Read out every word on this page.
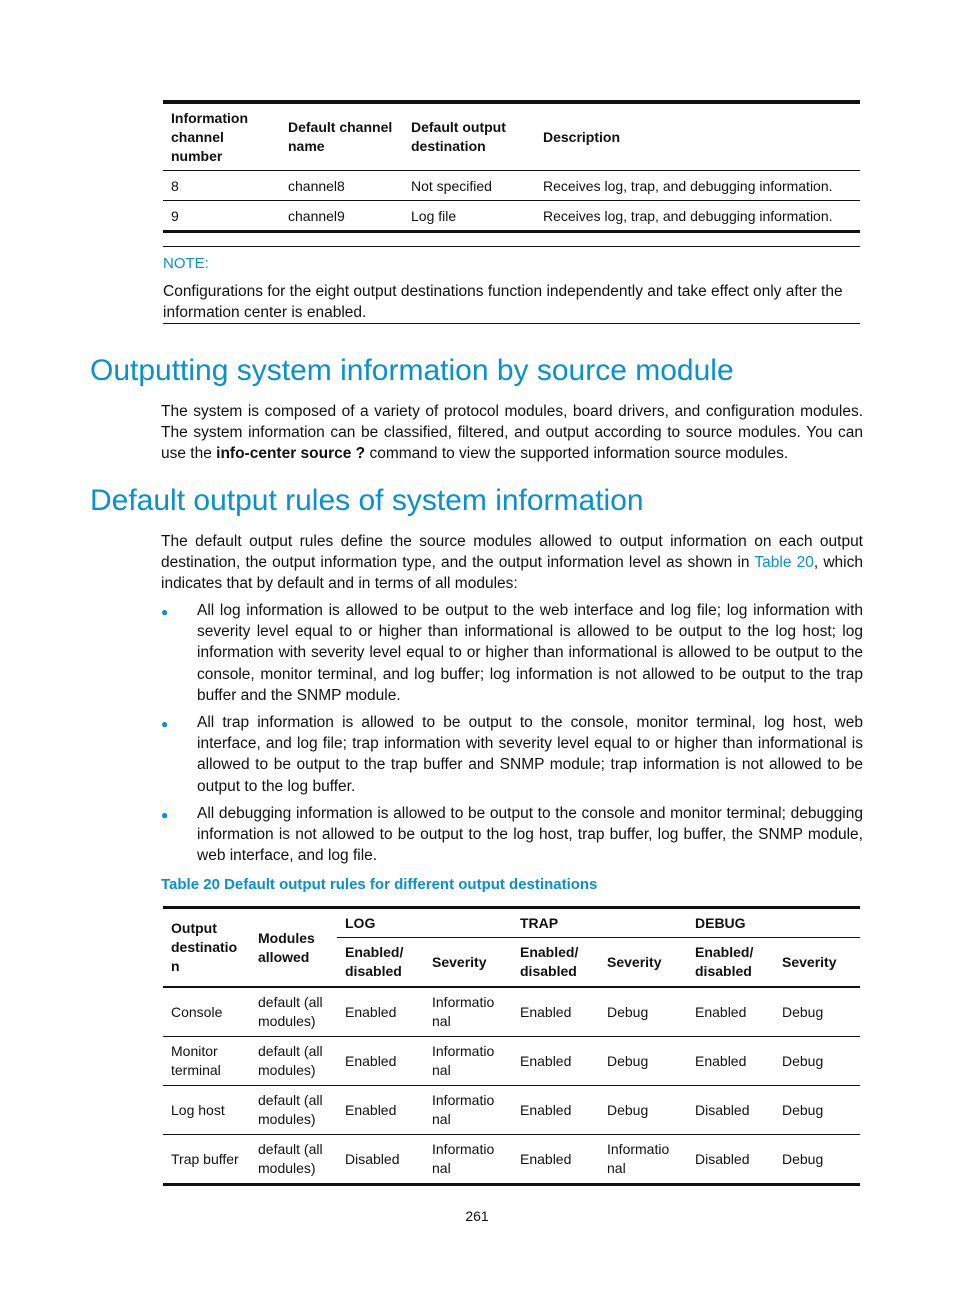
Information channel number	Default channel name	Default output destination	Description
8	channel8	Not specified	Receives log, trap, and debugging information.
9	channel9	Log file	Receives log, trap, and debugging information.
NOTE:
Configurations for the eight output destinations function independently and take effect only after the information center is enabled.
Outputting system information by source module
The system is composed of a variety of protocol modules, board drivers, and configuration modules. The system information can be classified, filtered, and output according to source modules. You can use the info-center source ? command to view the supported information source modules.
Default output rules of system information
The default output rules define the source modules allowed to output information on each output destination, the output information type, and the output information level as shown in Table 20, which indicates that by default and in terms of all modules:
● All log information is allowed to be output to the web interface and log file; log information with severity level equal to or higher than informational is allowed to be output to the log host; log information with severity level equal to or higher than informational is allowed to be output to the console, monitor terminal, and log buffer; log information is not allowed to be output to the trap buffer and the SNMP module.
● All trap information is allowed to be output to the console, monitor terminal, log host, web interface, and log file; trap information with severity level equal to or higher than informational is allowed to be output to the trap buffer and SNMP module; trap information is not allowed to be output to the log buffer.
● All debugging information is allowed to be output to the console and monitor terminal; debugging information is not allowed to be output to the log host, trap buffer, log buffer, the SNMP module, web interface, and log file.
Table 20 Default output rules for different output destinations
Output destinatio n	Modules allowed	LOG		TRAP		DEBUG	
		Enabled/ disabled	Severity	Enabled/ disabled	Severity	Enabled/ disabled	Severity
Console	default (all modules)	Enabled	Informatio nal	Enabled	Debug	Enabled	Debug
Monitor terminal	default (all modules)	Enabled	Informatio nal	Enabled	Debug	Enabled	Debug
Log host	default (all modules)	Enabled	Informatio nal	Enabled	Debug	Disabled	Debug
Trap buffer	default (all modules)	Disabled	Informatio nal	Enabled	Informatio nal	Disabled	Debug
261
